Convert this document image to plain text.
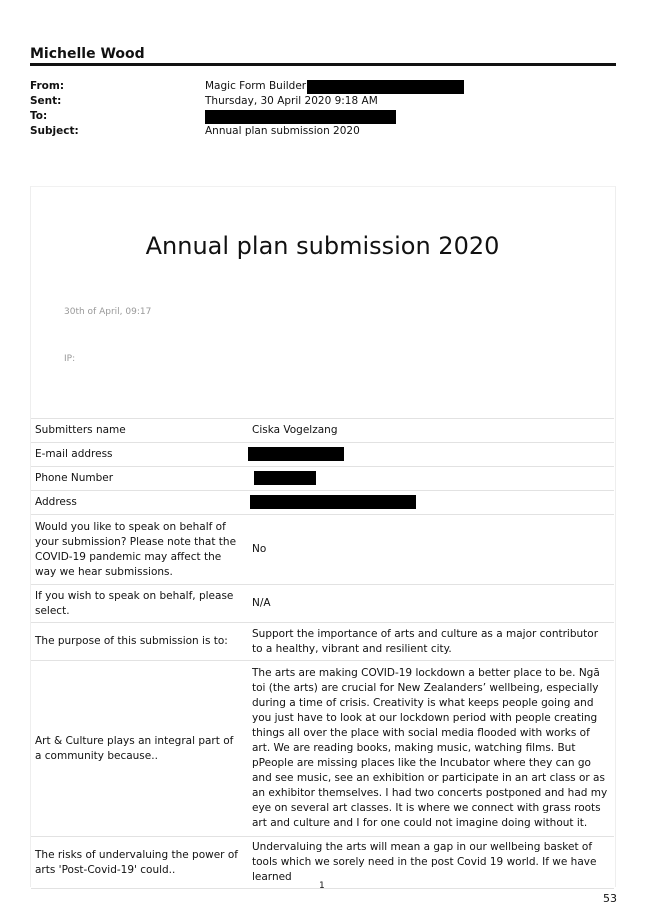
Michelle Wood
From:	Magic Form Builder
Sent:	Thursday, 30 April 2020 9:18 AM
To:
Subject:	Annual plan submission 2020
Annual plan submission 2020
30th of April, 09:17
IP:
Submitters name	Ciska Vogelzang
E-mail address	
Phone Number	
Address	
Would you like to speak on behalf of your submission? Please note that the COVID-19 pandemic may affect the way we hear submissions.	No
If you wish to speak on behalf, please select.	N/A
The purpose of this submission is to:	Support the importance of arts and culture as a major contributor to a healthy, vibrant and resilient city.
Art & Culture plays an integral part of a community because..	The arts are making COVID-19 lockdown a better place to be. Ngā toi (the arts) are crucial for New Zealanders’ wellbeing, especially during a time of crisis. Creativity is what keeps people going and you just have to look at our lockdown period with people creating things all over the place with social media flooded with works of art. We are reading books, making music, watching films. But pPeople are missing places like the Incubator where they can go and see music, see an exhibition or participate in an art class or as an exhibitor themselves. I had two concerts postponed and had my eye on several art classes. It is where we connect with grass roots art and culture and I for one could not imagine doing without it.
The risks of undervaluing the power of arts 'Post-Covid-19' could..	Undervaluing the arts will mean a gap in our wellbeing basket of tools which we sorely need in the post Covid 19 world. If we have learned
1
53
